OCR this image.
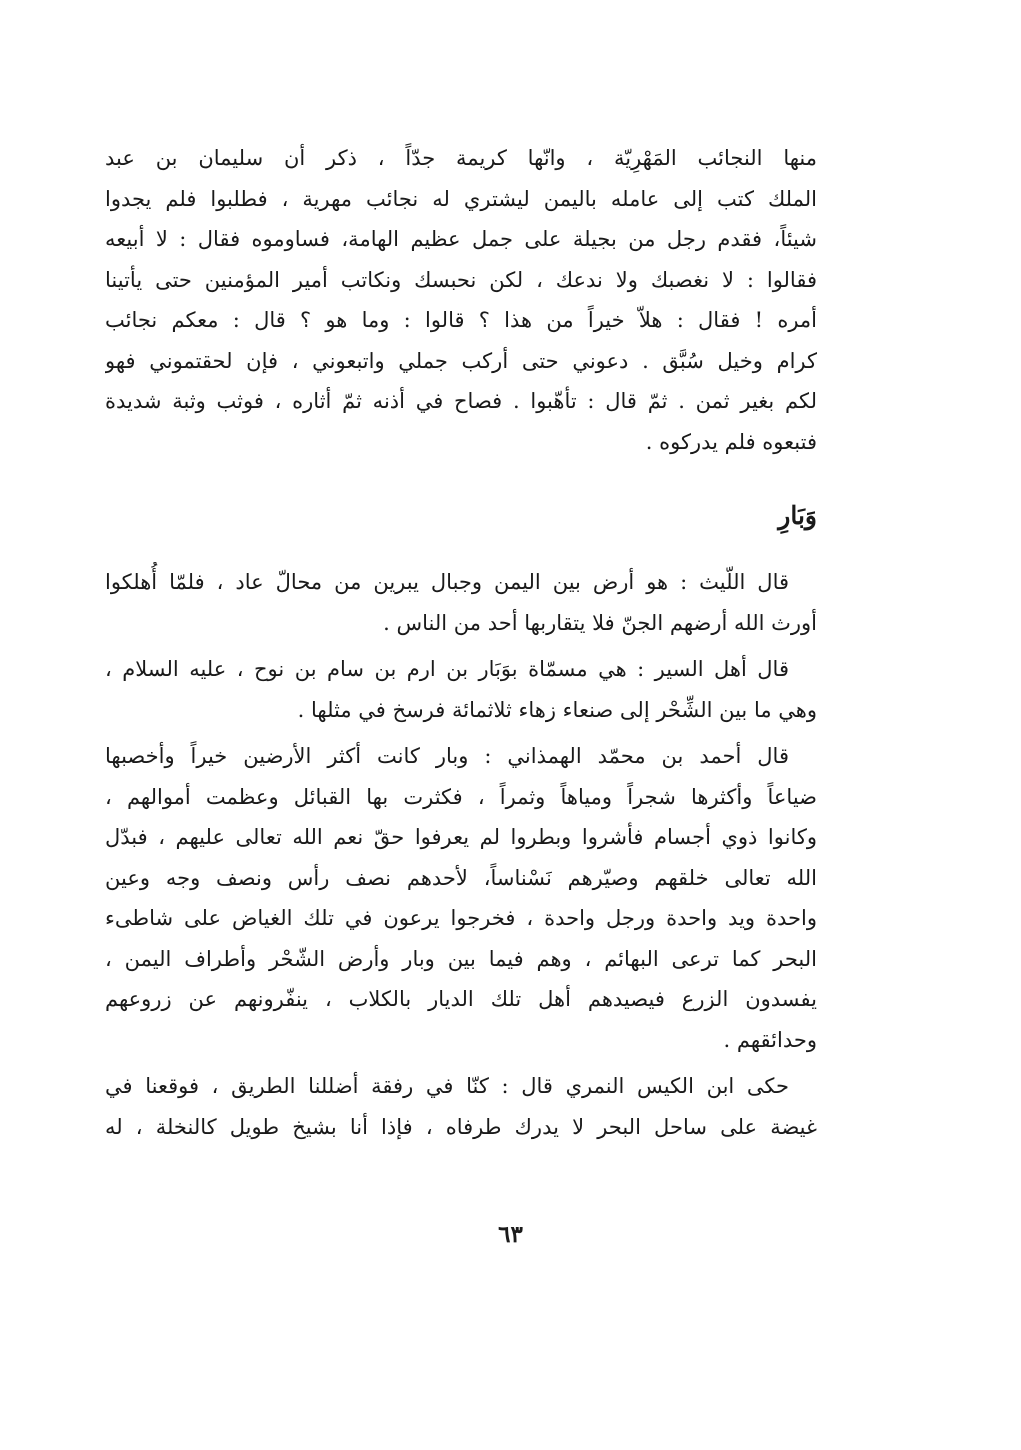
منها النجائب المَهْرِيّة ، وانّها كريمة جدّاً ، ذكر أن سليمان بن عبد
الملك كتب إلى عامله باليمن ليشتري له نجائب مهرية ، فطلبوا فلم يجدوا
شيئاً، فقدم رجل من بجيلة على جمل عظيم الهامة، فساوموه فقال : لا أبيعه
فقالوا : لا نغصبك ولا ندعك ، لكن نحبسك ونكاتب أمير المؤمنين حتى يأتينا
أمره ! فقال : هلاّ خيراً من هذا ؟ قالوا : وما هو ؟ قال : معكم نجائب
كرام وخيل سُبَّق . دعوني حتى أركب جملي واتبعوني ، فإن لحقتموني فهو
لكم بغير ثمن . ثمّ قال : تأهّبوا . فصاح في أذنه ثمّ أثاره ، فوثب وثبة شديدة
فتبعوه فلم يدركوه .

وَبَارِ

قال اللّيث : هو أرض بين اليمن وجبال يبرين من محالّ عاد ، فلمّا أُهلكوا
أورث الله أرضهم الجنّ فلا يتقاربها أحد من الناس .

قال أهل السير : هي مسمّاة بوَبَار بن ارم بن سام بن نوح ، عليه السلام ،
وهي ما بين الشِّحْر إلى صنعاء زهاء ثلاثمائة فرسخ في مثلها .

قال أحمد بن محمّد الهمذاني : وبار كانت أكثر الأرضين خيراً وأخصبها
ضياعاً وأكثرها شجراً ومياهاً وثمراً ، فكثرت بها القبائل وعظمت أموالهم ،
وكانوا ذوي أجسام فأشروا وبطروا لم يعرفوا حقّ نعم الله تعالى عليهم ، فبدّل
الله تعالى خلقهم وصيّرهم نَسْناساً، لأحدهم نصف رأس ونصف وجه وعين
واحدة ويد واحدة ورجل واحدة ، فخرجوا يرعون في تلك الغياض على شاطىء
البحر كما ترعى البهائم ، وهم فيما بين وبار وأرض الشّحْر وأطراف اليمن ،
يفسدون الزرع فيصيدهم أهل تلك الديار بالكلاب ، ينفّرونهم عن زروعهم
وحدائقهم .

حكى ابن الكيس النمري قال : كنّا في رفقة أضللنا الطريق ، فوقعنا في
غيضة على ساحل البحر لا يدرك طرفاه ، فإذا أنا بشيخ طويل كالنخلة ، له

٦٣
